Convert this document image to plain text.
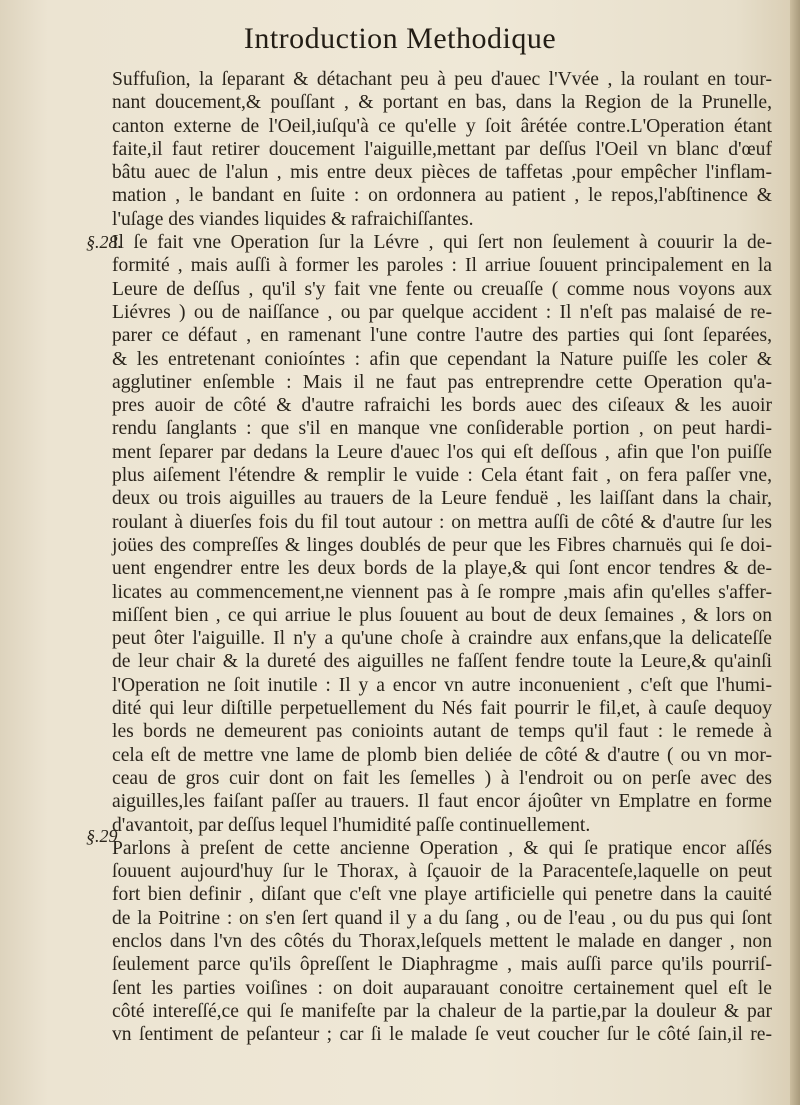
Introduction Methodique
§.28.
§.29
Suffuſion, la ſeparant & détachant peu à peu d'auec l'Vvée , la roulant en tour-
nant doucement,& pouſſant , & portant en bas, dans la Region de la Prunelle,
canton externe de l'Oeil,iuſqu'à ce qu'elle y ſoit ârétée contre.L'Operation étant
faite,il faut retirer doucement l'aiguille,mettant par deſſus l'Oeil vn blanc d'œuf
bâtu auec de l'alun , mis entre deux pièces de taffetas ,pour empêcher l'inflam-
mation , le bandant en ſuite : on ordonnera au patient , le repos,l'abſtinence &
l'uſage des viandes liquides & rafraichiſſantes.
Il ſe fait vne Operation ſur la Lévre , qui ſert non ſeulement à couurir la de-
formité , mais auſſi à former les paroles : Il arriue ſouuent principalement en la
Leure de deſſus , qu'il s'y fait vne fente ou creuaſſe ( comme nous voyons aux
Liévres ) ou de naiſſance , ou par quelque accident : Il n'eſt pas malaisé de re-
parer ce défaut , en ramenant l'une contre l'autre des parties qui ſont ſeparées,
& les entretenant conioíntes : afin que cependant la Nature puiſſe les coler &
agglutiner enſemble : Mais il ne faut pas entreprendre cette Operation qu'a-
pres auoir de côté & d'autre rafraichi les bords auec des ciſeaux & les auoir
rendu ſanglants : que s'il en manque vne conſiderable portion , on peut hardi-
ment ſeparer par dedans la Leure d'auec l'os qui eſt deſſous , afin que l'on puiſſe
plus aiſement l'étendre & remplir le vuide : Cela étant fait , on fera paſſer vne,
deux ou trois aiguilles au trauers de la Leure fenduë , les laiſſant dans la chair,
roulant à diuerſes fois du fil tout autour : on mettra auſſi de côté & d'autre ſur les
joües des compreſſes & linges doublés de peur que les Fibres charnuës qui ſe doi-
uent engendrer entre les deux bords de la playe,& qui ſont encor tendres & de-
licates au commencement,ne viennent pas à ſe rompre ,mais afin qu'elles s'affer-
miſſent bien , ce qui arriue le plus ſouuent au bout de deux ſemaines , & lors on
peut ôter l'aiguille. Il n'y a qu'une choſe à craindre aux enfans,que la delicateſſe
de leur chair & la dureté des aiguilles ne faſſent fendre toute la Leure,& qu'ainſi
l'Operation ne ſoit inutile : Il y a encor vn autre inconuenient , c'eſt que l'humi-
dité qui leur diſtille perpetuellement du Nés fait pourrir le fil,et, à cauſe dequoy
les bords ne demeurent pas conioints autant de temps qu'il faut : le remede à
cela eſt de mettre vne lame de plomb bien deliée de côté & d'autre ( ou vn mor-
ceau de gros cuir dont on fait les ſemelles ) à l'endroit ou on perſe avec des
aiguilles,les faiſant paſſer au trauers. Il faut encor ájoûter vn Emplatre en forme
d'avantoit, par deſſus lequel l'humidité paſſe continuellement.
Parlons à preſent de cette ancienne Operation , & qui ſe pratique encor aſſés
ſouuent aujourd'huy ſur le Thorax, à ſçauoir de la Paracenteſe,laquelle on peut
fort bien definir , diſant que c'eſt vne playe artificielle qui penetre dans la cauité
de la Poitrine : on s'en ſert quand il y a du ſang , ou de l'eau , ou du pus qui ſont
enclos dans l'vn des côtés du Thorax,leſquels mettent le malade en danger , non
ſeulement parce qu'ils ôpreſſent le Diaphragme , mais auſſi parce qu'ils pourriſ-
ſent les parties voiſines : on doit auparauant conoitre certainement quel eſt le
côté intereſſé,ce qui ſe manifeſte par la chaleur de la partie,par la douleur & par
vn ſentiment de peſanteur ; car ſi le malade ſe veut coucher ſur le côté ſain,il re-
